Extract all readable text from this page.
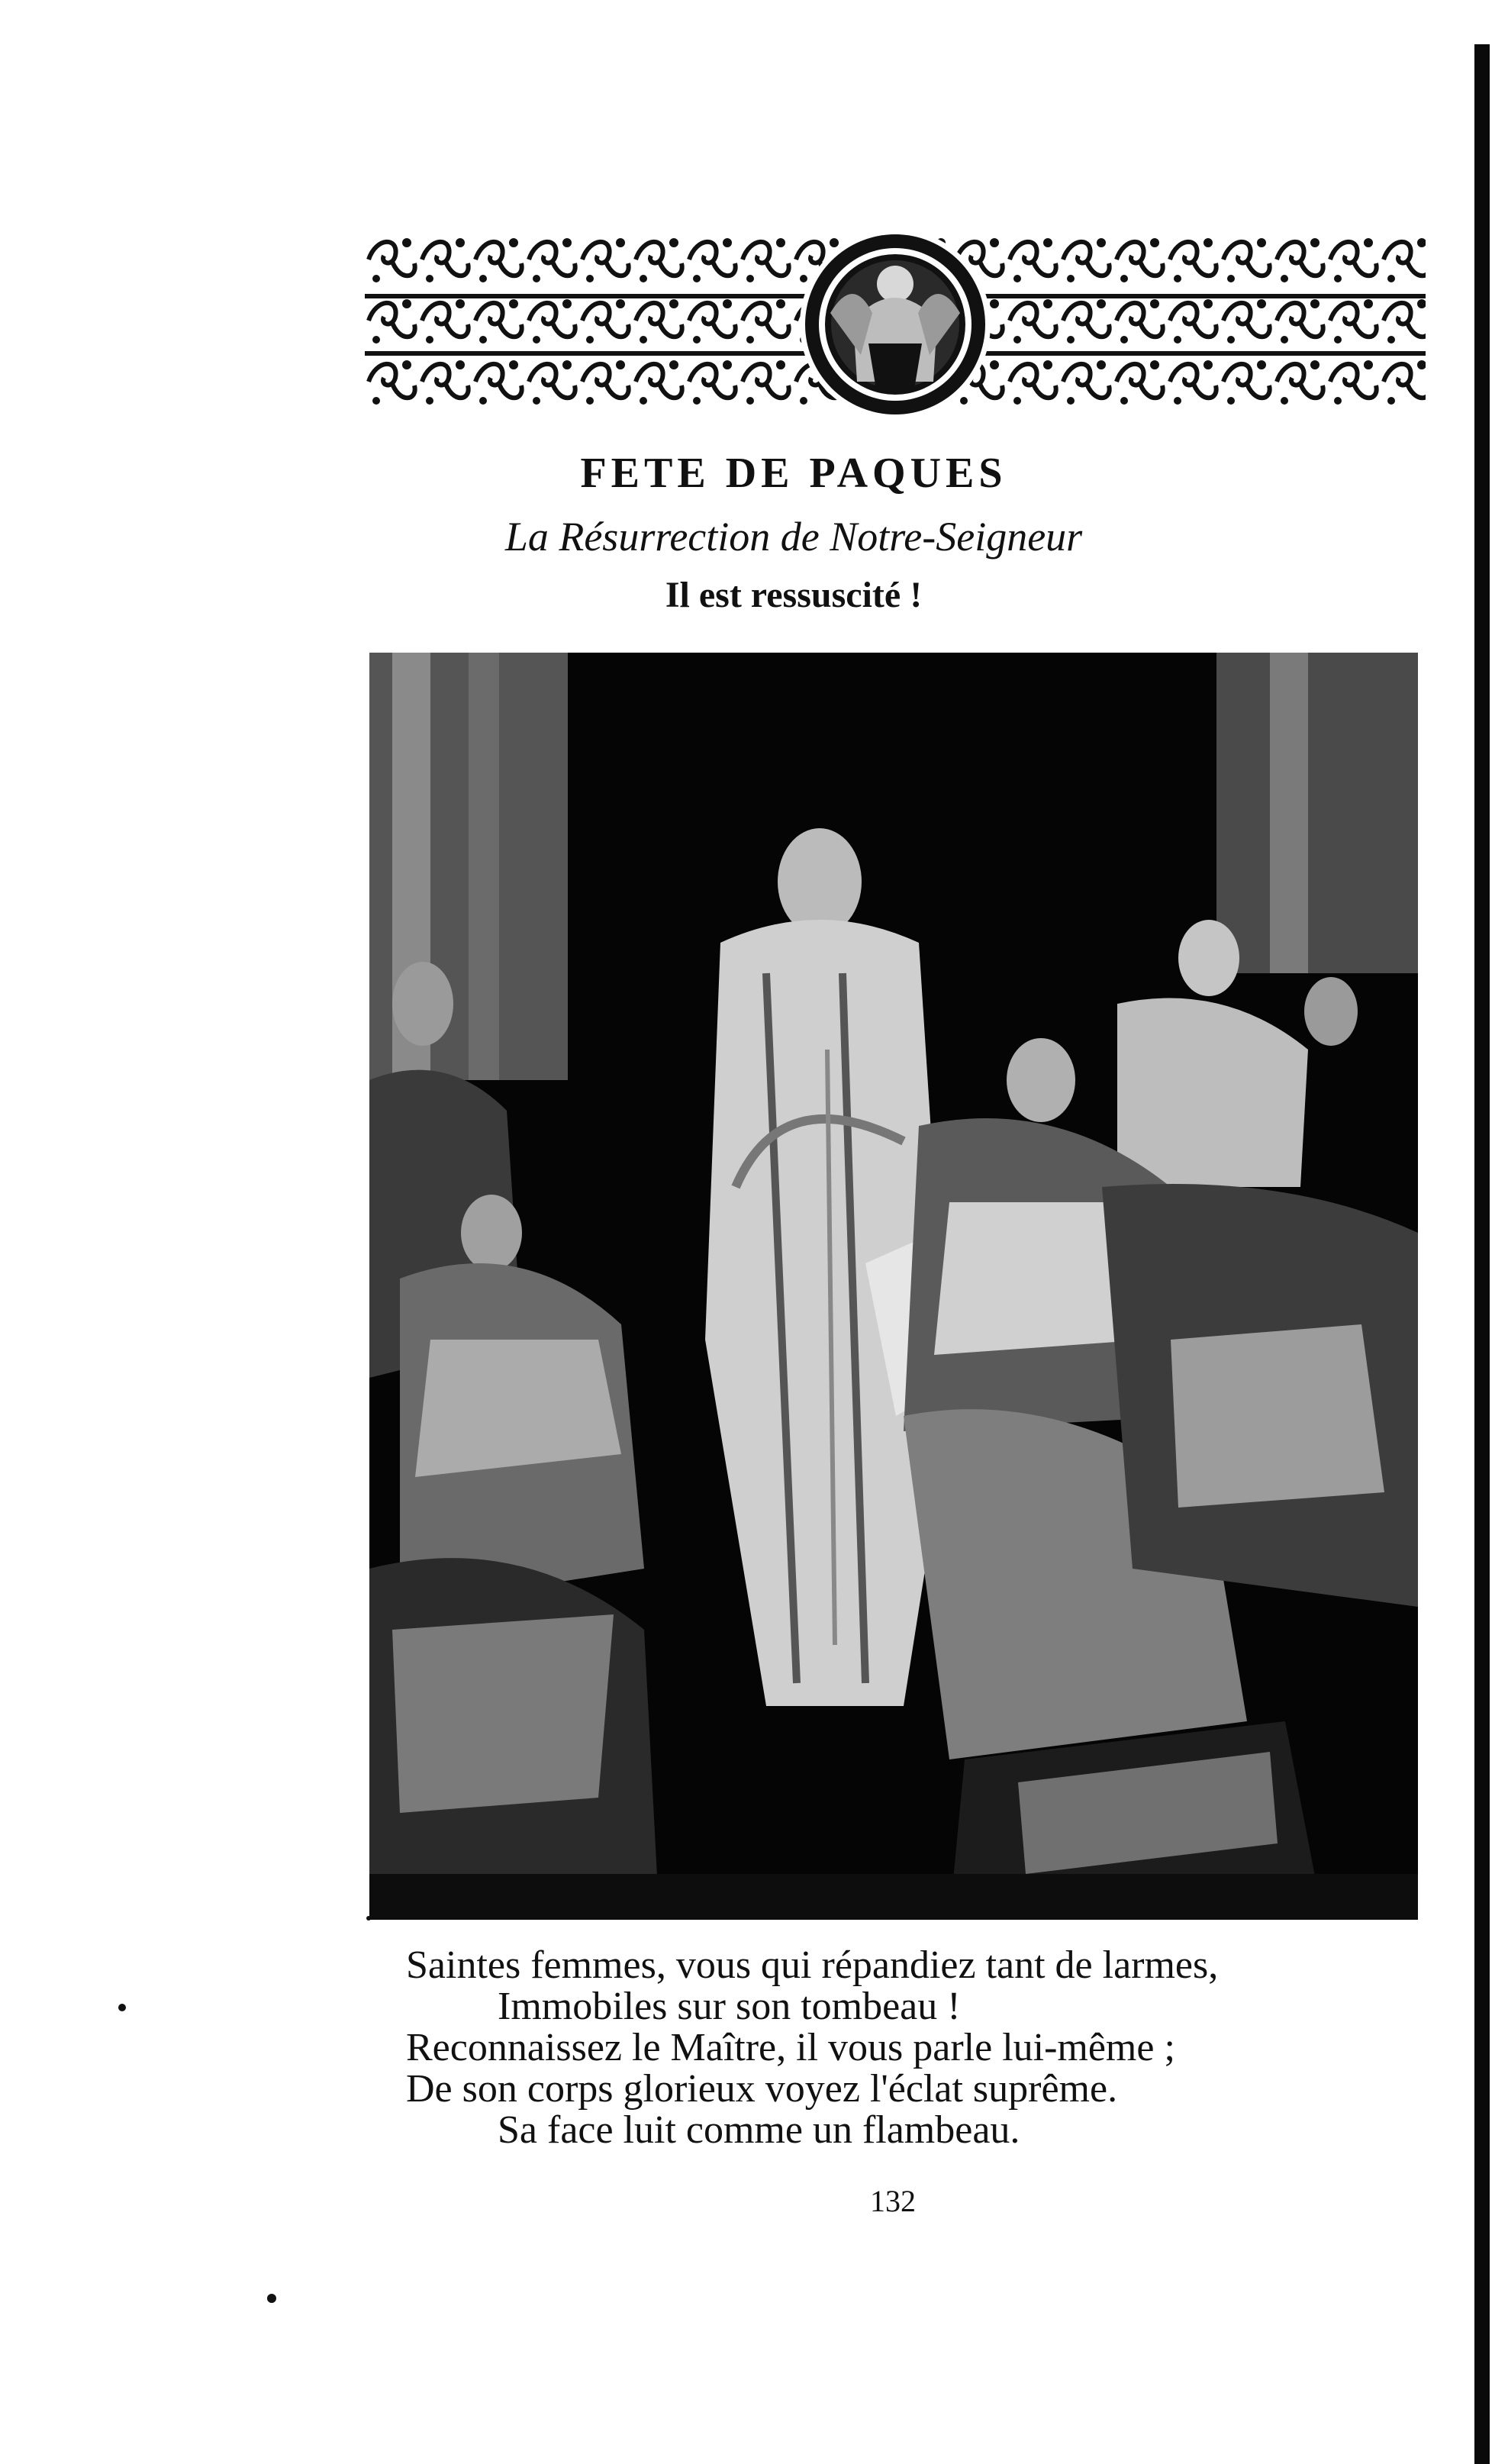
FETE DE PAQUES
La Résurrection de Notre-Seigneur
Il est ressuscité !
Saintes femmes, vous qui répandiez tant de larmes,
Immobiles sur son tombeau !
Reconnaissez le Maître, il vous parle lui-même ;
De son corps glorieux voyez l'éclat suprême.
Sa face luit comme un flambeau.
132
